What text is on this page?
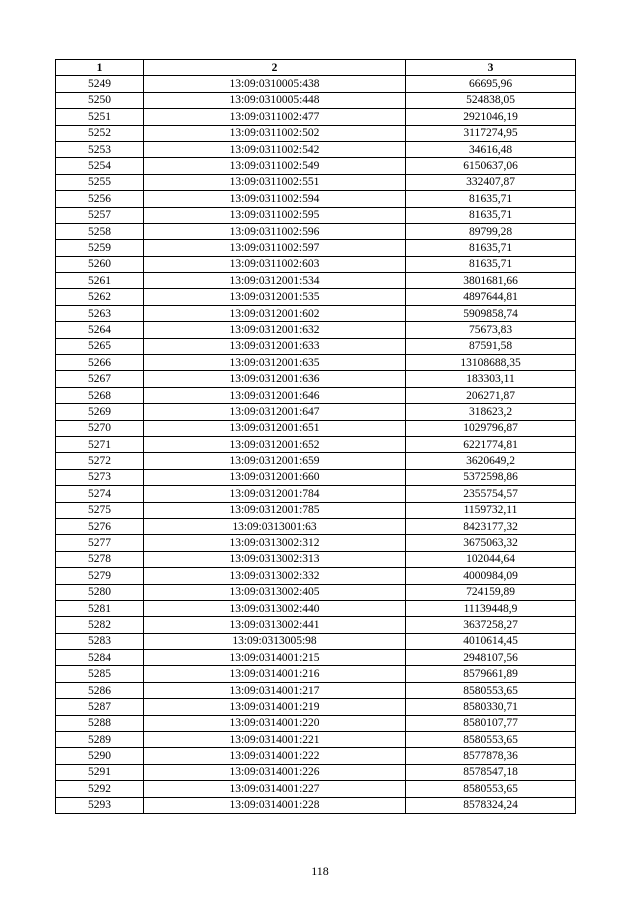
1	2	3
5249	13:09:0310005:438	66695,96
5250	13:09:0310005:448	524838,05
5251	13:09:0311002:477	2921046,19
5252	13:09:0311002:502	3117274,95
5253	13:09:0311002:542	34616,48
5254	13:09:0311002:549	6150637,06
5255	13:09:0311002:551	332407,87
5256	13:09:0311002:594	81635,71
5257	13:09:0311002:595	81635,71
5258	13:09:0311002:596	89799,28
5259	13:09:0311002:597	81635,71
5260	13:09:0311002:603	81635,71
5261	13:09:0312001:534	3801681,66
5262	13:09:0312001:535	4897644,81
5263	13:09:0312001:602	5909858,74
5264	13:09:0312001:632	75673,83
5265	13:09:0312001:633	87591,58
5266	13:09:0312001:635	13108688,35
5267	13:09:0312001:636	183303,11
5268	13:09:0312001:646	206271,87
5269	13:09:0312001:647	318623,2
5270	13:09:0312001:651	1029796,87
5271	13:09:0312001:652	6221774,81
5272	13:09:0312001:659	3620649,2
5273	13:09:0312001:660	5372598,86
5274	13:09:0312001:784	2355754,57
5275	13:09:0312001:785	1159732,11
5276	13:09:0313001:63	8423177,32
5277	13:09:0313002:312	3675063,32
5278	13:09:0313002:313	102044,64
5279	13:09:0313002:332	4000984,09
5280	13:09:0313002:405	724159,89
5281	13:09:0313002:440	11139448,9
5282	13:09:0313002:441	3637258,27
5283	13:09:0313005:98	4010614,45
5284	13:09:0314001:215	2948107,56
5285	13:09:0314001:216	8579661,89
5286	13:09:0314001:217	8580553,65
5287	13:09:0314001:219	8580330,71
5288	13:09:0314001:220	8580107,77
5289	13:09:0314001:221	8580553,65
5290	13:09:0314001:222	8577878,36
5291	13:09:0314001:226	8578547,18
5292	13:09:0314001:227	8580553,65
5293	13:09:0314001:228	8578324,24
118
